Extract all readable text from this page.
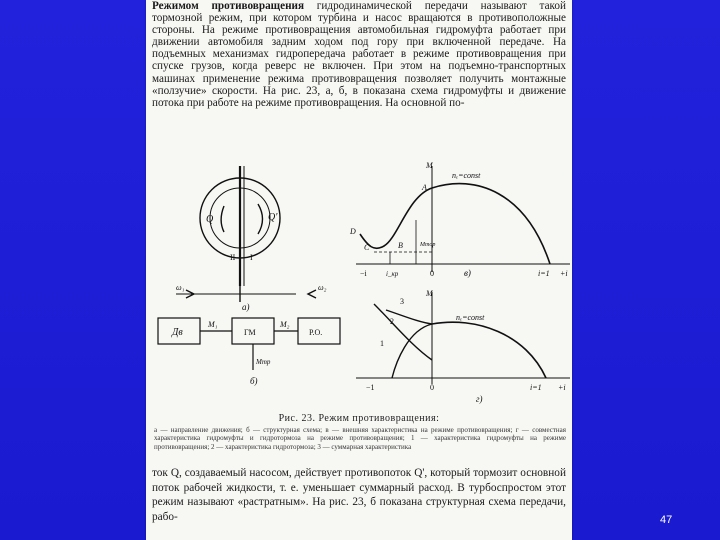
Режимом противовращения гидродинамической передачи называют такой тормозной режим, при котором турбина и насос вращаются в противоположные стороны. На режиме противовращения автомобильная гидромуфта работает при движении автомобиля задним ходом под гору при включенной передаче. На подъемных механизмах гидропередача работает в режиме противовращения при спуске грузов, когда реверс не включен. При этом на подъемно-транспортных машинах применение режима противовращения позволяет получить монтажные «ползучие» скорости. На рис. 23, а, б, в показана схема гидромуфты и движение потока при работе на режиме противовращения. На основной по-

Q	Q'
II I
ω₁	ω₂
а)
Дв	ГМ	Р.О.
M₁	M₂
Мтр
б)
nₑ=const
M
A
B
C
D
Mтор
−i	i_кр	0	i=1 +i
в)
nₑ=const
M
3
2
1
−1	0	i=1 +i
г)
Рис. 23. Режим противовращения:
а — направление движения; б — структурная схема; в — внешняя характеристика на режиме противовращения; г — совместная характеристика гидромуфты и гидротормоза на режиме противовращения; 1 — характеристика гидромуфты на режиме противовращения; 2 — характеристика гидротормоза; 3 — суммарная характеристика

ток Q, создаваемый насосом, действует противопоток Q', который тормозит основной поток рабочей жидкости, т. е. уменьшает суммарный расход. В турбоспростом этот режим называют «растратным». На рис. 23, б показана структурная схема передачи, рабо-	47
